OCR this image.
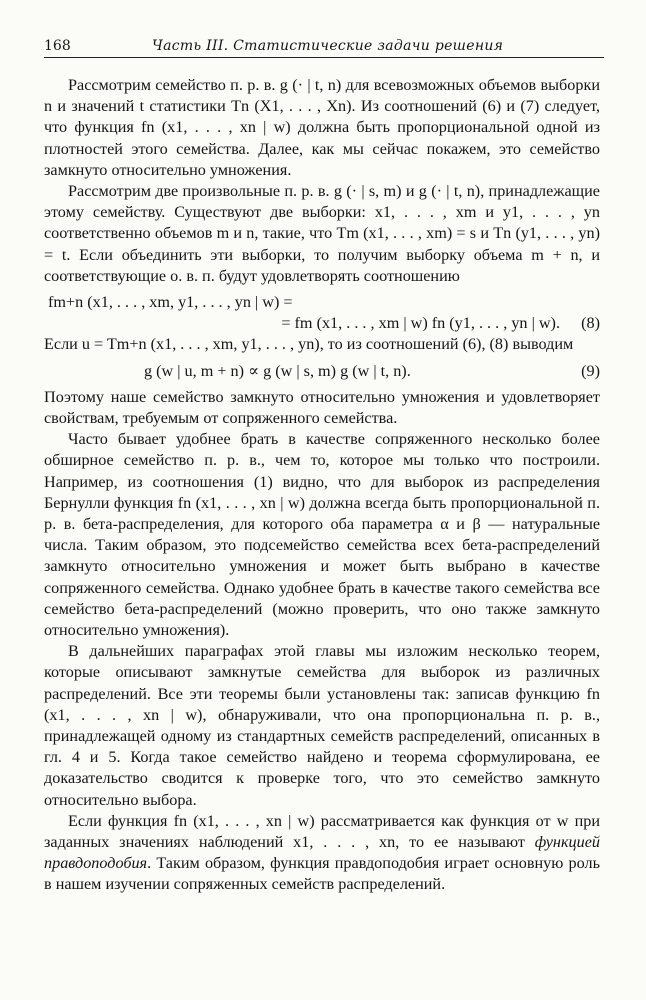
168	Часть III. Статистические задачи решения

Рассмотрим семейство п. р. в. g (· | t, n) для всевозможных объемов выборки n и значений t статистики Tn (X1, . . . , Xn). Из соотношений (6) и (7) следует, что функция fn (x1, . . . , xn | w) должна быть пропорциональной одной из плотностей этого семейства. Далее, как мы сейчас покажем, это семейство замкнуто относительно умножения.

Рассмотрим две произвольные п. р. в. g (· | s, m) и g (· | t, n), принадлежащие этому семейству. Существуют две выборки: x1, . . . , xm и y1, . . . , yn соответственно объемов m и n, такие, что Tm (x1, . . . , xm) = s и Tn (y1, . . . , yn) = t. Если объединить эти выборки, то получим выборку объема m + n, и соответствующие о. в. п. будут удовлетворять соотношению

fm+n (x1, . . . , xm, y1, . . . , yn | w) =
= fm (x1, . . . , xm | w) fn (y1, . . . , yn | w). (8)

Если u = Tm+n (x1, . . . , xm, y1, . . . , yn), то из соотношений (6), (8) выводим

g (w | u, m + n) ∝ g (w | s, m) g (w | t, n).	(9)

Поэтому наше семейство замкнуто относительно умножения и удовлетворяет свойствам, требуемым от сопряженного семейства.

Часто бывает удобнее брать в качестве сопряженного несколько более обширное семейство п. р. в., чем то, которое мы только что построили. Например, из соотношения (1) видно, что для выборок из распределения Бернулли функция fn (x1, . . . , xn | w) должна всегда быть пропорциональной п. р. в. бета-распределения, для которого оба параметра α и β — натуральные числа. Таким образом, это подсемейство семейства всех бета-распределений замкнуто относительно умножения и может быть выбрано в качестве сопряженного семейства. Однако удобнее брать в качестве такого семейства все семейство бета-распределений (можно проверить, что оно также замкнуто относительно умножения).

В дальнейших параграфах этой главы мы изложим несколько теорем, которые описывают замкнутые семейства для выборок из различных распределений. Все эти теоремы были установлены так: записав функцию fn (x1, . . . , xn | w), обнаруживали, что она пропорциональна п. р. в., принадлежащей одному из стандартных семейств распределений, описанных в гл. 4 и 5. Когда такое семейство найдено и теорема сформулирована, ее доказательство сводится к проверке того, что это семейство замкнуто относительно выбора.

Если функция fn (x1, . . . , xn | w) рассматривается как функция от w при заданных значениях наблюдений x1, . . . , xn, то ее называют функцией правдоподобия. Таким образом, функция правдоподобия играет основную роль в нашем изучении сопряженных семейств распределений.
